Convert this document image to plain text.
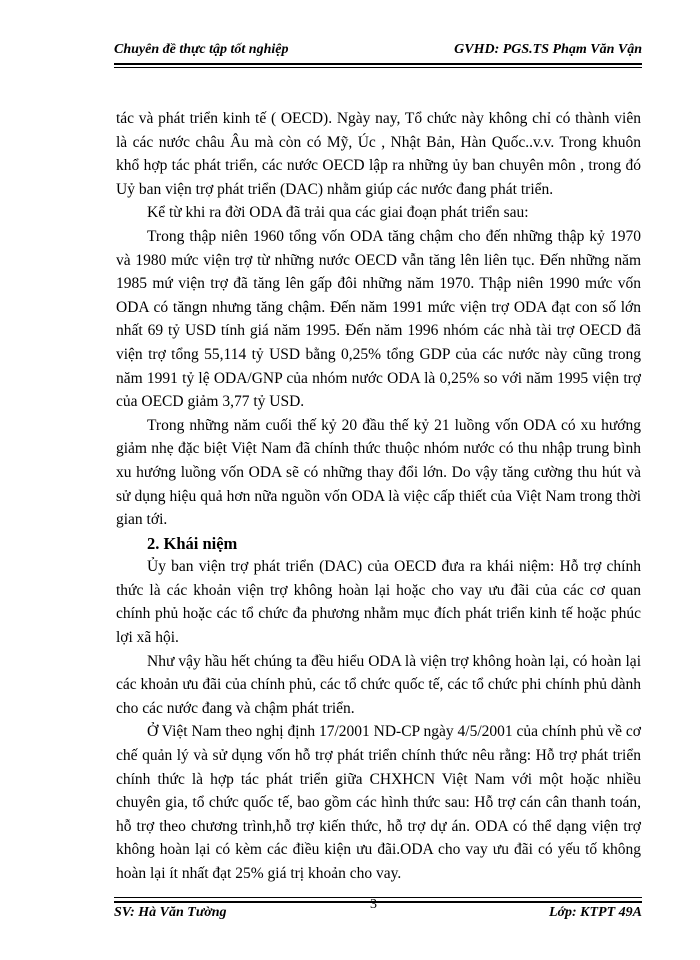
Chuyên đề thực tập tốt nghiệp	GVHD: PGS.TS Phạm Văn Vận

tác và phát triển kinh tế ( OECD). Ngày nay, Tổ chức này không chỉ có thành viên là các nước châu Âu mà còn có Mỹ, Úc , Nhật Bản, Hàn Quốc..v.v. Trong khuôn khổ hợp tác phát triển, các nước OECD lập ra những ủy ban chuyên môn , trong đó Uỷ ban viện trợ phát triển (DAC) nhằm giúp các nước đang phát triển.

Kể từ khi ra đời ODA đã trải qua các giai đoạn phát triển sau:

Trong thập niên 1960 tổng vốn ODA tăng chậm cho đến những thập kỷ 1970 và 1980 mức viện trợ từ những nước OECD vẫn tăng lên liên tục. Đến những năm 1985 mứ viện trợ đã tăng lên gấp đôi những năm 1970. Thập niên 1990 mức vốn ODA có tăngn nhưng tăng chậm. Đến năm 1991 mức viện trợ ODA đạt con số lớn nhất 69 tỷ USD tính giá năm 1995. Đến năm 1996 nhóm các nhà tài trợ OECD đã viện trợ tổng 55,114 tỷ USD bằng 0,25% tổng GDP của các nước này cũng trong năm 1991 tỷ lệ ODA/GNP của nhóm nước ODA là 0,25% so với năm 1995 viện trợ của OECD giảm 3,77 tỷ USD.

Trong những năm cuối thế kỷ 20 đầu thế kỷ 21 luồng vốn ODA có xu hướng giảm nhẹ đặc biệt Việt Nam đã chính thức thuộc nhóm nước có thu nhập trung bình xu hướng luồng vốn ODA sẽ có những thay đổi lớn. Do vậy tăng cường thu hút và sử dụng hiệu quả hơn nữa nguồn vốn ODA là việc cấp thiết của Việt Nam trong thời gian tới.

2. Khái niệm

Ủy ban viện trợ phát triển (DAC) của OECD đưa ra khái niệm: Hỗ trợ chính thức là các khoản viện trợ không hoàn lại hoặc cho vay ưu đãi của các cơ quan chính phủ hoặc các tổ chức đa phương nhằm mục đích phát triển kinh tế hoặc phúc lợi xã hội.

Như vậy hầu hết chúng ta đều hiểu ODA là viện trợ không hoàn lại, có hoàn lại các khoản ưu đãi của chính phủ, các tổ chức quốc tế, các tổ chức phi chính phủ dành cho các nước đang và chậm phát triển.

Ở Việt Nam theo nghị định 17/2001 ND-CP ngày 4/5/2001 của chính phủ về cơ chế quản lý và sử dụng vốn hỗ trợ phát triển chính thức nêu rằng: Hỗ trợ phát triển chính thức là hợp tác phát triển giữa CHXHCN Việt Nam với một hoặc nhiều chuyên gia, tổ chức quốc tế, bao gồm các hình thức sau: Hỗ trợ cán cân thanh toán, hỗ trợ theo chương trình,hỗ trợ kiến thức, hỗ trợ dự án. ODA có thể dạng viện trợ không hoàn lại có kèm các điều kiện ưu đãi.ODA cho vay ưu đãi có yếu tố không hoàn lại ít nhất đạt 25% giá trị khoản cho vay.

SV: Hà Văn Tường
3
Lớp: KTPT 49A
